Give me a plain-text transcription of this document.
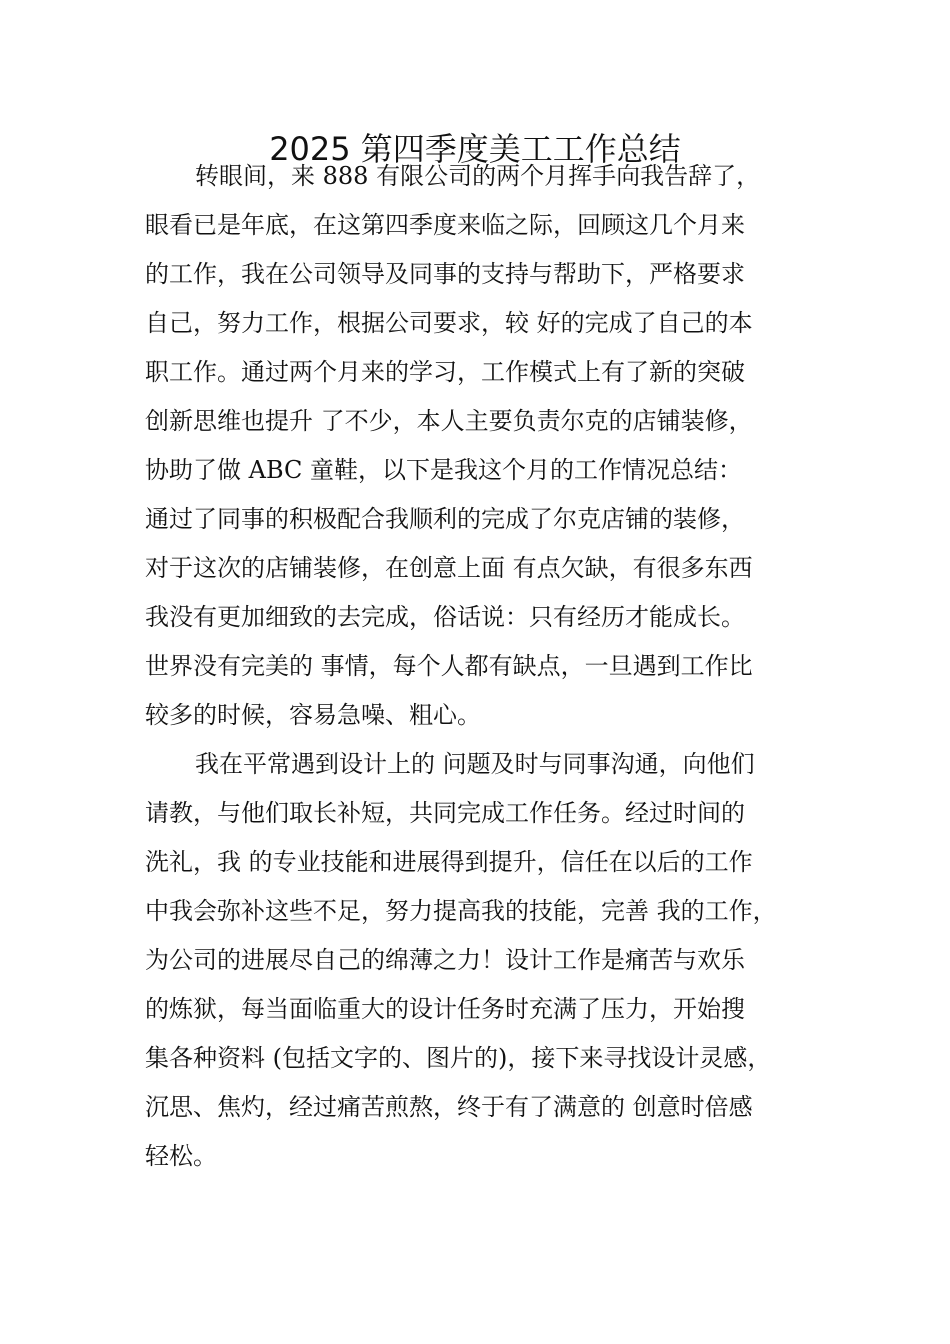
2025 第四季度美工工作总结

转眼间，来 888 有限公司的两个月挥手向我告辞了，
眼看已是年底，在这第四季度来临之际，回顾这几个月来
的工作，我在公司领导及同事的支持与帮助下，严格要求
自己，努力工作，根据公司要求，较 好的完成了自己的本
职工作。通过两个月来的学习，工作模式上有了新的突破
创新思维也提升 了不少，本人主要负责尔克的店铺装修，
协助了做 ABC 童鞋，以下是我这个月的工作情况总结：
通过了同事的积极配合我顺利的完成了尔克店铺的装修，
对于这次的店铺装修，在创意上面 有点欠缺，有很多东西
我没有更加细致的去完成，俗话说：只有经历才能成长。
世界没有完美的 事情，每个人都有缺点，一旦遇到工作比
较多的时候，容易急噪、粗心。

我在平常遇到设计上的 问题及时与同事沟通，向他们
请教，与他们取长补短，共同完成工作任务。经过时间的
洗礼，我 的专业技能和进展得到提升，信任在以后的工作
中我会弥补这些不足，努力提高我的技能，完善 我的工作，
为公司的进展尽自己的绵薄之力！设计工作是痛苦与欢乐
的炼狱，每当面临重大的设计任务时充满了压力，开始搜
集各种资料 (包括文字的、图片的)，接下来寻找设计灵感，
沉思、焦灼，经过痛苦煎熬，终于有了满意的 创意时倍感
轻松。
